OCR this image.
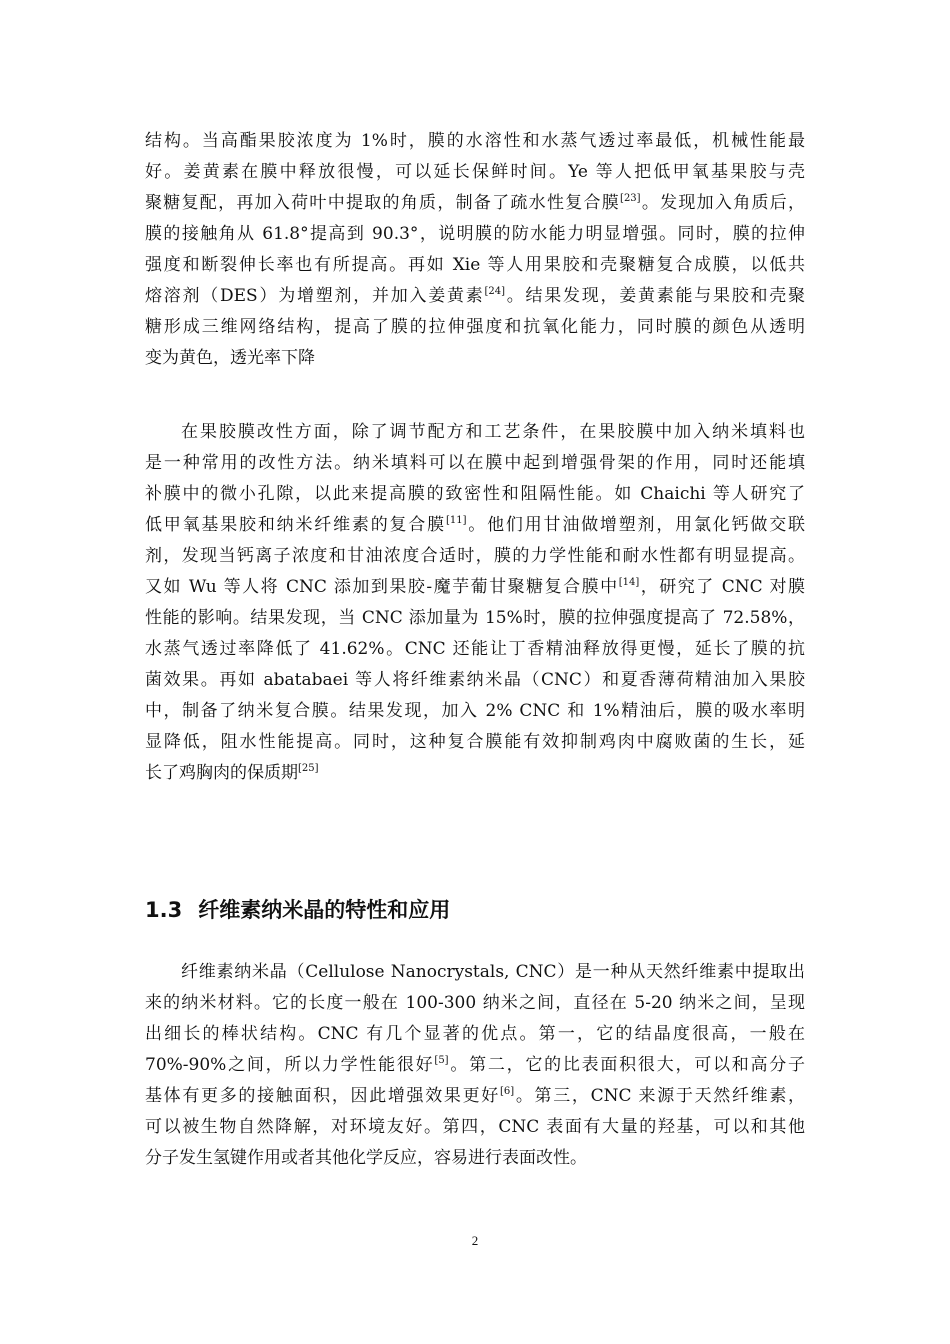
结构。当高酯果胶浓度为 1%时，膜的水溶性和水蒸气透过率最低，机械性能最
好。姜黄素在膜中释放很慢，可以延长保鲜时间。Ye 等人把低甲氧基果胶与壳
聚糖复配，再加入荷叶中提取的角质，制备了疏水性复合膜[23]。发现加入角质后，
膜的接触角从 61.8°提高到 90.3°，说明膜的防水能力明显增强。同时，膜的拉伸
强度和断裂伸长率也有所提高。再如 Xie 等人用果胶和壳聚糖复合成膜，以低共
熔溶剂（DES）为增塑剂，并加入姜黄素[24]。结果发现，姜黄素能与果胶和壳聚
糖形成三维网络结构，提高了膜的拉伸强度和抗氧化能力，同时膜的颜色从透明
变为黄色，透光率下降
在果胶膜改性方面，除了调节配方和工艺条件，在果胶膜中加入纳米填料也
是一种常用的改性方法。纳米填料可以在膜中起到增强骨架的作用，同时还能填
补膜中的微小孔隙，以此来提高膜的致密性和阻隔性能。如 Chaichi 等人研究了
低甲氧基果胶和纳米纤维素的复合膜[11]。他们用甘油做增塑剂，用氯化钙做交联
剂，发现当钙离子浓度和甘油浓度合适时，膜的力学性能和耐水性都有明显提高。
又如 Wu 等人将 CNC 添加到果胶-魔芋葡甘聚糖复合膜中[14]，研究了 CNC 对膜
性能的影响。结果发现，当 CNC 添加量为 15%时，膜的拉伸强度提高了 72.58%，
水蒸气透过率降低了 41.62%。CNC 还能让丁香精油释放得更慢，延长了膜的抗
菌效果。再如 abatabaei 等人将纤维素纳米晶（CNC）和夏香薄荷精油加入果胶
中，制备了纳米复合膜。结果发现，加入 2% CNC 和 1%精油后，膜的吸水率明
显降低，阻水性能提高。同时，这种复合膜能有效抑制鸡肉中腐败菌的生长，延
长了鸡胸肉的保质期[25]
1.3 纤维素纳米晶的特性和应用
纤维素纳米晶（Cellulose Nanocrystals, CNC）是一种从天然纤维素中提取出
来的纳米材料。它的长度一般在 100-300 纳米之间，直径在 5-20 纳米之间，呈现
出细长的棒状结构。CNC 有几个显著的优点。第一，它的结晶度很高，一般在
70%-90%之间，所以力学性能很好[5]。第二，它的比表面积很大，可以和高分子
基体有更多的接触面积，因此增强效果更好[6]。第三，CNC 来源于天然纤维素，
可以被生物自然降解，对环境友好。第四，CNC 表面有大量的羟基，可以和其他
分子发生氢键作用或者其他化学反应，容易进行表面改性。
2
